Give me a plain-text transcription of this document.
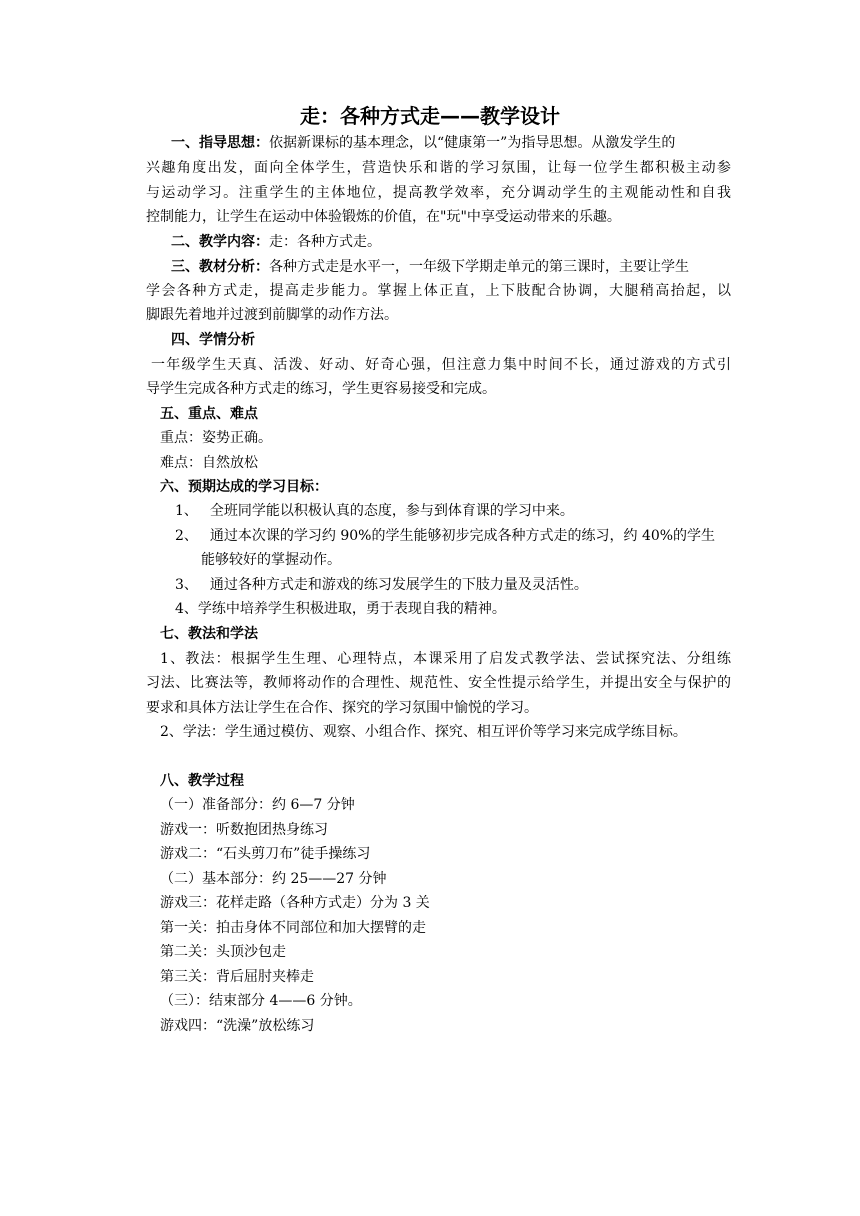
走：各种方式走——教学设计
一、指导思想：依据新课标的基本理念，以“健康第一”为指导思想。从激发学生的
兴趣角度出发，面向全体学生，营造快乐和谐的学习氛围，让每一位学生都积极主动参
与运动学习。注重学生的主体地位，提高教学效率，充分调动学生的主观能动性和自我
控制能力，让学生在运动中体验锻炼的价值，在"玩"中享受运动带来的乐趣。
二、教学内容：走：各种方式走。
三、教材分析：各种方式走是水平一，一年级下学期走单元的第三课时，主要让学生
学会各种方式走，提高走步能力。掌握上体正直，上下肢配合协调，大腿稍高抬起，以
脚跟先着地并过渡到前脚掌的动作方法。
四、学情分析
一年级学生天真、活泼、好动、好奇心强，但注意力集中时间不长，通过游戏的方式引
导学生完成各种方式走的练习，学生更容易接受和完成。
五、重点、难点
重点：姿势正确。
难点：自然放松
六、预期达成的学习目标：
1、 全班同学能以积极认真的态度，参与到体育课的学习中来。
2、 通过本次课的学习约 90%的学生能够初步完成各种方式走的练习，约 40%的学生
能够较好的掌握动作。
3、 通过各种方式走和游戏的练习发展学生的下肢力量及灵活性。
4、学练中培养学生积极进取，勇于表现自我的精神。
七、教法和学法
1、教法：根据学生生理、心理特点，本课采用了启发式教学法、尝试探究法、分组练
习法、比赛法等，教师将动作的合理性、规范性、安全性提示给学生，并提出安全与保护的
要求和具体方法让学生在合作、探究的学习氛围中愉悦的学习。
2、学法：学生通过模仿、观察、小组合作、探究、相互评价等学习来完成学练目标。
八、教学过程
（一）准备部分：约 6—7 分钟
游戏一：听数抱团热身练习
游戏二：“石头剪刀布”徒手操练习
（二）基本部分：约 25——27 分钟
游戏三：花样走路（各种方式走）分为 3 关
第一关：拍击身体不同部位和加大摆臂的走
第二关：头顶沙包走
第三关：背后屈肘夹棒走
（三）：结束部分 4——6 分钟。
游戏四：“洗澡”放松练习
